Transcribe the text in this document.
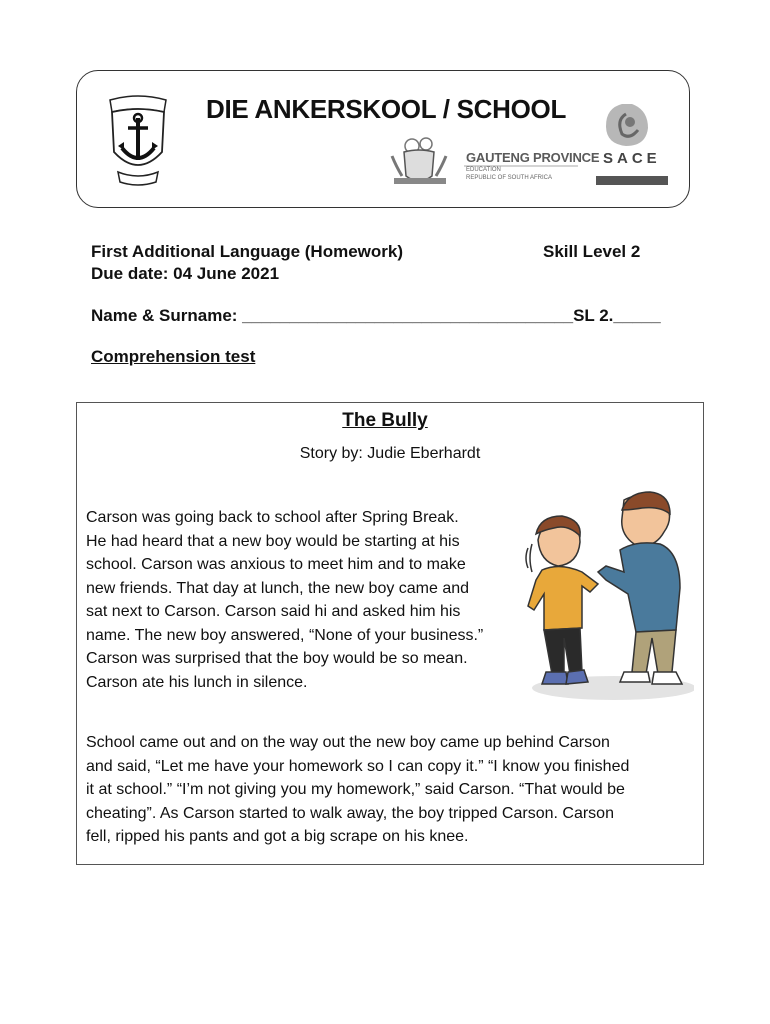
DIE ANKERSKOOL / SCHOOL
GAUTENG PROVINCE
EDUCATION
REPUBLIC OF SOUTH AFRICA
SACE
First Additional Language (Homework)	Skill Level 2
Due date: 04 June 2021
Name & Surname: ___________________________________SL 2._____
Comprehension test
The Bully
Story by: Judie Eberhardt
Carson was going back to school after Spring Break.
He had heard that a new boy would be starting at his
school. Carson was anxious to meet him and to make
new friends. That day at lunch, the new boy came and
sat next to Carson. Carson said hi and asked him his
name. The new boy answered, “None of your business.”
Carson was surprised that the boy would be so mean.
Carson ate his lunch in silence.
School came out and on the way out the new boy came up behind Carson
and said, “Let me have your homework so I can copy it.” “I know you finished
it at school.” “I’m not giving you my homework,” said Carson. “That would be
cheating”. As Carson started to walk away, the boy tripped Carson. Carson
fell, ripped his pants and got a big scrape on his knee.
